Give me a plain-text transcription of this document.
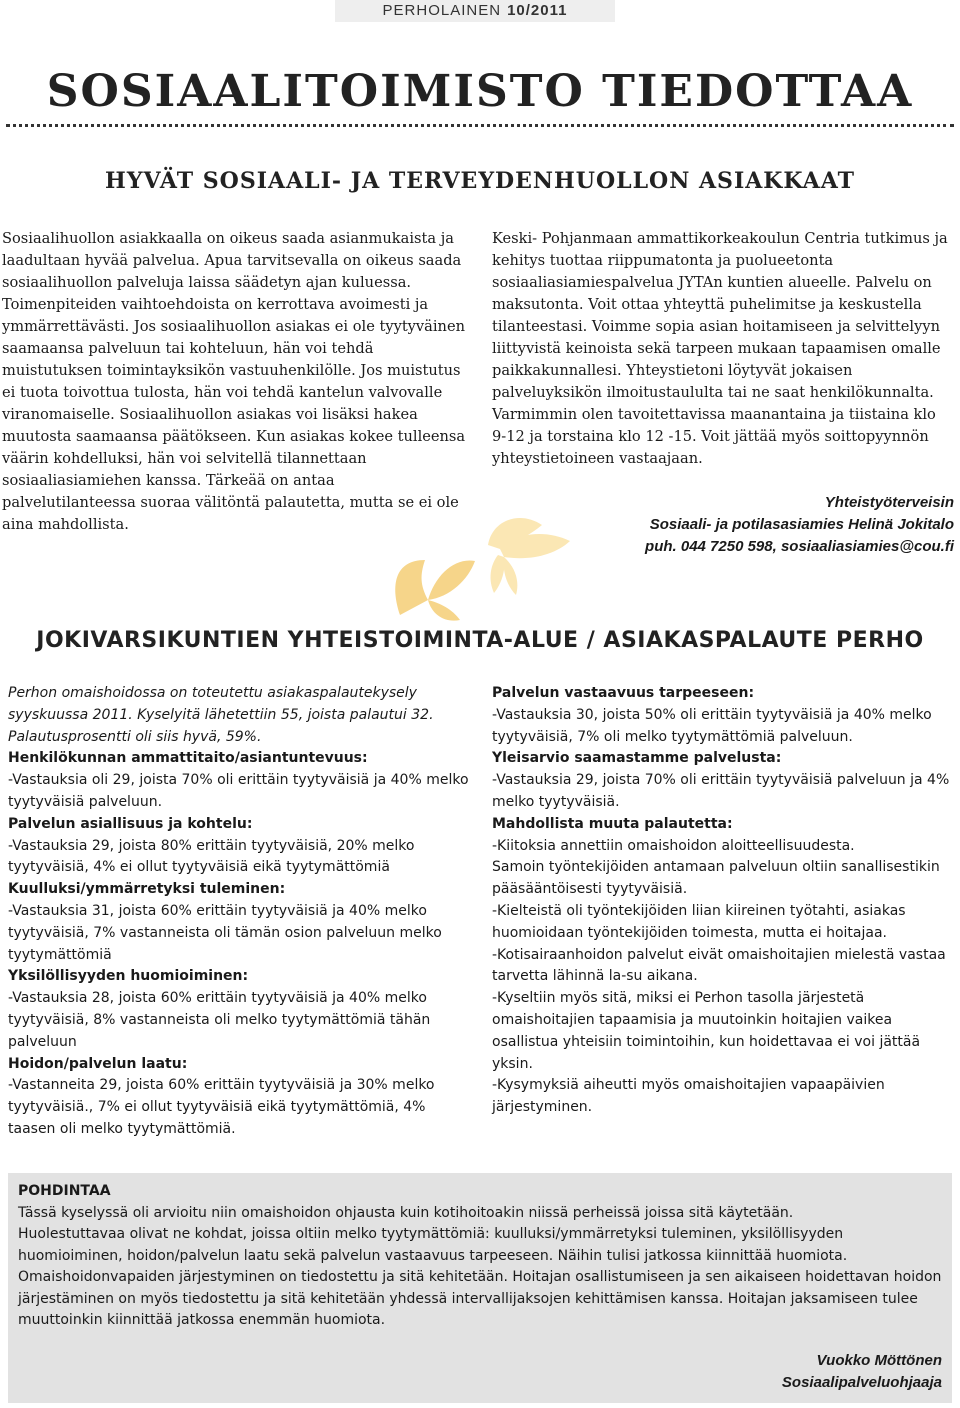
PERHOLAINEN 10/2011
SOSIAALITOIMISTO TIEDOTTAA
HYVÄT SOSIAALI- JA TERVEYDENHUOLLON ASIAKKAAT

Sosiaalihuollon asiakkaalla on oikeus saada asianmukaista ja laadultaan hyvää palvelua. Apua tarvitsevalla on oikeus saada sosiaalihuollon palveluja laissa säädetyn ajan kuluessa. Toimenpiteiden vaihtoehdoista on kerrottava avoimesti ja ymmärrettävästi. Jos sosiaalihuollon asiakas ei ole tyytyväinen saamaansa palveluun tai kohteluun, hän voi tehdä muistutuksen toimintayksikön vastuuhenkilölle. Jos muistutus ei tuota toivottua tulosta, hän voi tehdä kantelun valvovalle viranomaiselle. Sosiaalihuollon asiakas voi lisäksi hakea muutosta saamaansa päätökseen. Kun asiakas kokee tulleensa väärin kohdelluksi, hän voi selvitellä tilannettaan sosiaaliasiamiehen kanssa. Tärkeää on antaa palvelutilanteessa suoraa välitöntä palautetta, mutta se ei ole aina mahdollista.

Keski- Pohjanmaan ammattikorkeakoulun Centria tutkimus ja kehitys tuottaa riippumatonta ja puolueetonta sosiaaliasiamiespalvelua JYTAn kuntien alueelle. Palvelu on maksutonta. Voit ottaa yhteyttä puhelimitse ja keskustella tilanteestasi. Voimme sopia asian hoitamiseen ja selvittelyyn liittyvistä keinoista sekä tarpeen mukaan tapaamisen omalle paikkakunnallesi. Yhteystietoni löytyvät jokaisen palveluyksikön ilmoitustaululta tai ne saat henkilökunnalta. Varmimmin olen tavoitettavissa maanantaina ja tiistaina klo 9-12 ja torstaina klo 12 -15. Voit jättää myös soittopyynnön yhteystietoineen vastaajaan.

Yhteistyöterveisin
Sosiaali- ja potilasasiamies Helinä Jokitalo
puh. 044 7250 598, sosiaaliasiamies@cou.fi
JOKIVARSIKUNTIEN YHTEISTOIMINTA-ALUE / ASIAKASPALAUTE PERHO

Perhon omaishoidossa on toteutettu asiakaspalautekysely syyskuussa 2011. Kyselyitä lähetettiin 55, joista palautui 32. Palautusprosentti oli siis hyvä, 59%.

Henkilökunnan ammattitaito/asiantuntevuus:

-Vastauksia oli 29, joista 70% oli erittäin tyytyväisiä ja 40% melko tyytyväisiä palveluun.

Palvelun asiallisuus ja kohtelu:

-Vastauksia 29, joista 80% erittäin tyytyväisiä, 20% melko tyytyväisiä, 4% ei ollut tyytyväisiä eikä tyytymättömiä

Kuulluksi/ymmärretyksi tuleminen:

-Vastauksia 31, joista 60% erittäin tyytyväisiä ja 40% melko tyytyväisiä, 7% vastanneista oli tämän osion palveluun melko tyytymättömiä

Yksilöllisyyden huomioiminen:

-Vastauksia 28, joista 60% erittäin tyytyväisiä ja 40% melko tyytyväisiä, 8% vastanneista oli melko tyytymättömiä tähän palveluun

Hoidon/palvelun laatu:

-Vastanneita 29, joista 60% erittäin tyytyväisiä ja 30% melko tyytyväisiä., 7% ei ollut tyytyväisiä eikä tyytymättömiä, 4% taasen oli melko tyytymättömiä.

Palvelun vastaavuus tarpeeseen:

-Vastauksia 30, joista 50% oli erittäin tyytyväisiä ja 40% melko tyytyväisiä, 7% oli melko tyytymättömiä palveluun.

Yleisarvio saamastamme palvelusta:

-Vastauksia 29, joista 70% oli erittäin tyytyväisiä palveluun ja 4% melko tyytyväisiä.

Mahdollista muuta palautetta:

-Kiitoksia annettiin omaishoidon aloitteellisuudesta.

Samoin työntekijöiden antamaan palveluun oltiin sanallisestikin pääsääntöisesti tyytyväisiä.

-Kielteistä oli työntekijöiden liian kiireinen työtahti, asiakas huomioidaan työntekijöiden toimesta, mutta ei hoitajaa.

-Kotisairaanhoidon palvelut eivät omaishoitajien mielestä vastaa tarvetta lähinnä la-su aikana.

-Kyseltiin myös sitä, miksi ei Perhon tasolla järjestetä omaishoitajien tapaamisia ja muutoinkin hoitajien vaikea osallistua yhteisiin toimintoihin, kun hoidettavaa ei voi jättää yksin.

-Kysymyksiä aiheutti myös omaishoitajien vapaapäivien järjestyminen.

POHDINTAA

Tässä kyselyssä oli arvioitu niin omaishoidon ohjausta kuin kotihoitoakin niissä perheissä joissa sitä käytetään.

Huolestuttavaa olivat ne kohdat, joissa oltiin melko tyytymättömiä: kuulluksi/ymmärretyksi tuleminen, yksilöllisyyden huomioiminen, hoidon/palvelun laatu sekä palvelun vastaavuus tarpeeseen. Näihin tulisi jatkossa kiinnittää huomiota.

Omaishoidonvapaiden järjestyminen on tiedostettu ja sitä kehitetään. Hoitajan osallistumiseen ja sen aikaiseen hoidettavan hoidon järjestäminen on myös tiedostettu ja sitä kehitetään yhdessä intervallijaksojen kehittämisen kanssa. Hoitajan jaksamiseen tulee muuttoinkin kiinnittää jatkossa enemmän huomiota.

Vuokko Möttönen
Sosiaalipalveluohjaaja
